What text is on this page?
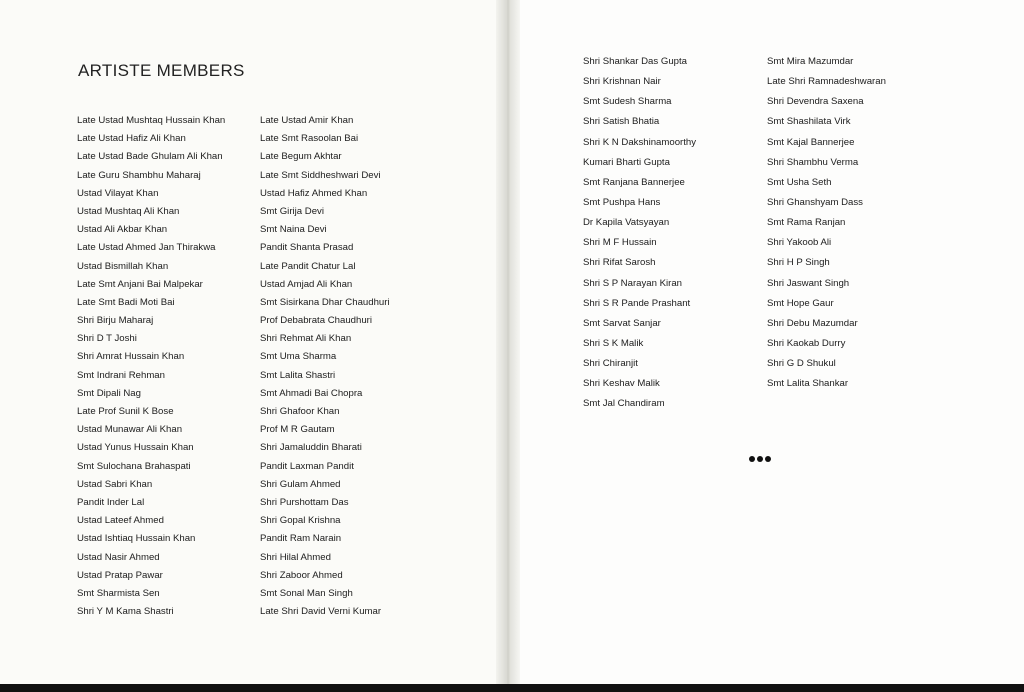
ARTISTE MEMBERS
Late Ustad Mushtaq Hussain Khan
Late Ustad Hafiz Ali Khan
Late Ustad Bade Ghulam Ali Khan
Late Guru Shambhu Maharaj
Ustad Vilayat Khan
Ustad Mushtaq Ali Khan
Ustad Ali Akbar Khan
Late Ustad Ahmed Jan Thirakwa
Ustad Bismillah Khan
Late Smt Anjani Bai Malpekar
Late Smt Badi Moti Bai
Shri Birju Maharaj
Shri D T Joshi
Shri Amrat Hussain Khan
Smt Indrani Rehman
Smt Dipali Nag
Late Prof Sunil K Bose
Ustad Munawar Ali Khan
Ustad Yunus Hussain Khan
Smt Sulochana Brahaspati
Ustad Sabri Khan
Pandit Inder Lal
Ustad Lateef Ahmed
Ustad Ishtiaq Hussain Khan
Ustad Nasir Ahmed
Ustad Pratap Pawar
Smt Sharmista Sen
Shri Y M Kama Shastri
Late Ustad Amir Khan
Late Smt Rasoolan Bai
Late Begum Akhtar
Late Smt Siddheshwari Devi
Ustad Hafiz Ahmed Khan
Smt Girija Devi
Smt Naina Devi
Pandit Shanta Prasad
Late Pandit Chatur Lal
Ustad Amjad Ali Khan
Smt Sisirkana Dhar Chaudhuri
Prof Debabrata Chaudhuri
Shri Rehmat Ali Khan
Smt Uma Sharma
Smt Lalita Shastri
Smt Ahmadi Bai Chopra
Shri Ghafoor Khan
Prof M R Gautam
Shri Jamaluddin Bharati
Pandit Laxman Pandit
Shri Gulam Ahmed
Shri Purshottam Das
Shri Gopal Krishna
Pandit Ram Narain
Shri Hilal Ahmed
Shri Zaboor Ahmed
Smt Sonal Man Singh
Late Shri David Verni Kumar
Shri Shankar Das Gupta
Shri Krishnan Nair
Smt Sudesh Sharma
Shri Satish Bhatia
Shri K N Dakshinamoorthy
Kumari Bharti Gupta
Smt Ranjana Bannerjee
Smt Pushpa Hans
Dr Kapila Vatsyayan
Shri M F Hussain
Shri Rifat Sarosh
Shri S P Narayan Kiran
Shri S R Pande Prashant
Smt Sarvat Sanjar
Shri S K Malik
Shri Chiranjit
Shri Keshav Malik
Smt Jal Chandiram
Smt Mira Mazumdar
Late Shri Ramnadeshwaran
Shri Devendra Saxena
Smt Shashilata Virk
Smt Kajal Bannerjee
Shri Shambhu Verma
Smt Usha Seth
Shri Ghanshyam Dass
Smt Rama Ranjan
Shri Yakoob Ali
Shri H P Singh
Shri Jaswant Singh
Smt Hope Gaur
Shri Debu Mazumdar
Shri Kaokab Durry
Shri G D Shukul
Smt Lalita Shankar
